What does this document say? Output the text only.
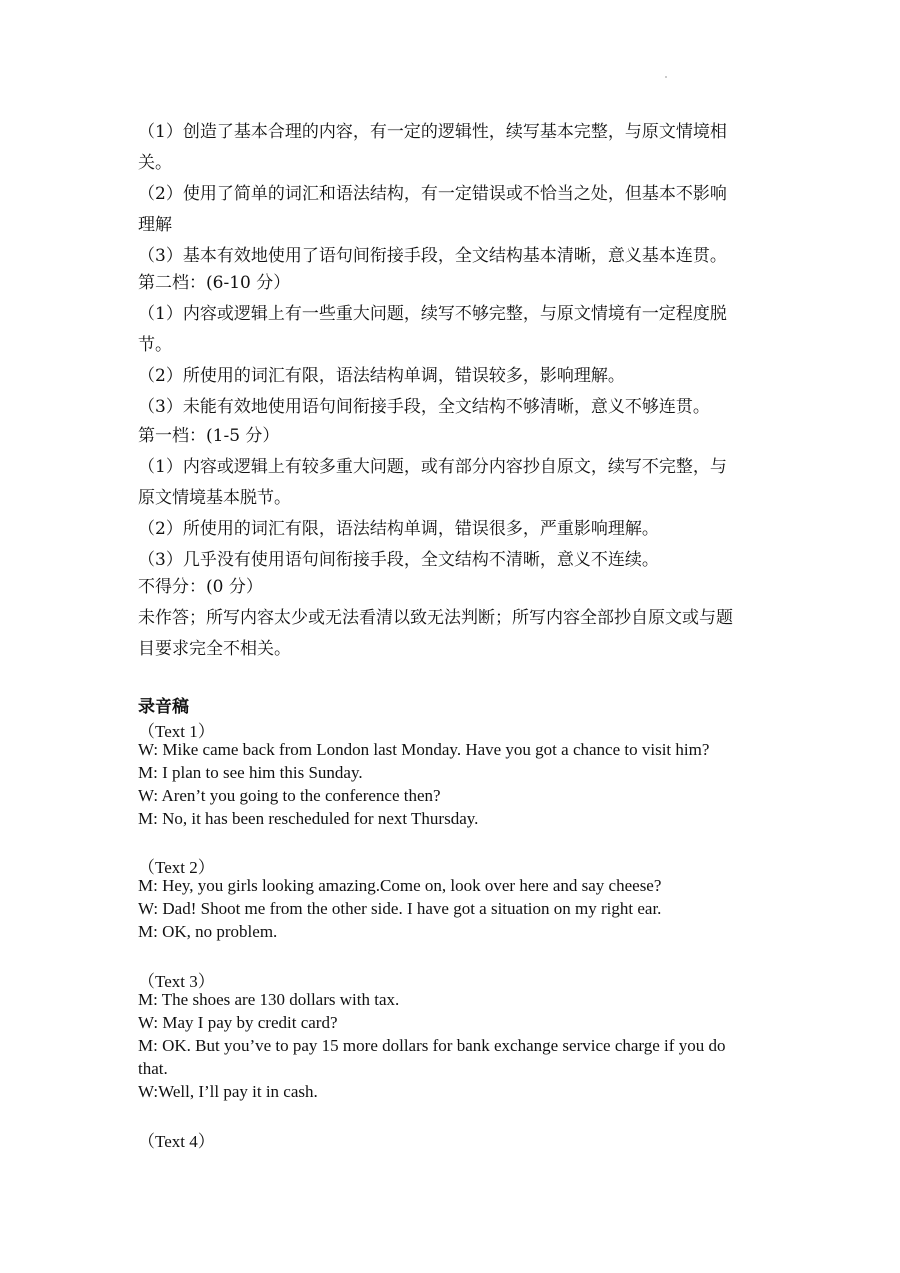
（1）创造了基本合理的内容，有一定的逻辑性，续写基本完整，与原文情境相
关。
（2）使用了简单的词汇和语法结构，有一定错误或不恰当之处，但基本不影响
理解
（3）基本有效地使用了语句间衔接手段，全文结构基本清晰，意义基本连贯。
第二档：(6-10 分）
（1）内容或逻辑上有一些重大问题，续写不够完整，与原文情境有一定程度脱
节。
（2）所使用的词汇有限，语法结构单调，错误较多，影响理解。
（3）未能有效地使用语句间衔接手段，全文结构不够清晰，意义不够连贯。
第一档：(1-5 分）
（1）内容或逻辑上有较多重大问题，或有部分内容抄自原文，续写不完整，与
原文情境基本脱节。
（2）所使用的词汇有限，语法结构单调，错误很多，严重影响理解。
（3）几乎没有使用语句间衔接手段，全文结构不清晰，意义不连续。
不得分：(0 分）
未作答；所写内容太少或无法看清以致无法判断；所写内容全部抄自原文或与题
目要求完全不相关。
录音稿
（Text 1）
W: Mike came back from London last Monday. Have you got a chance to visit him?
M: I plan to see him this Sunday.
W: Aren’t you going to the conference then?
M: No, it has been rescheduled for next Thursday.
（Text 2）
M: Hey, you girls looking amazing.Come on, look over here and say cheese?
W: Dad! Shoot me from the other side. I have got a situation on my right ear.
M: OK, no problem.
（Text 3）
M: The shoes are 130 dollars with tax.
W: May I pay by credit card?
M: OK. But you’ve to pay 15 more dollars for bank exchange service charge if you do
that.
W:Well, I’ll pay it in cash.
（Text 4）
